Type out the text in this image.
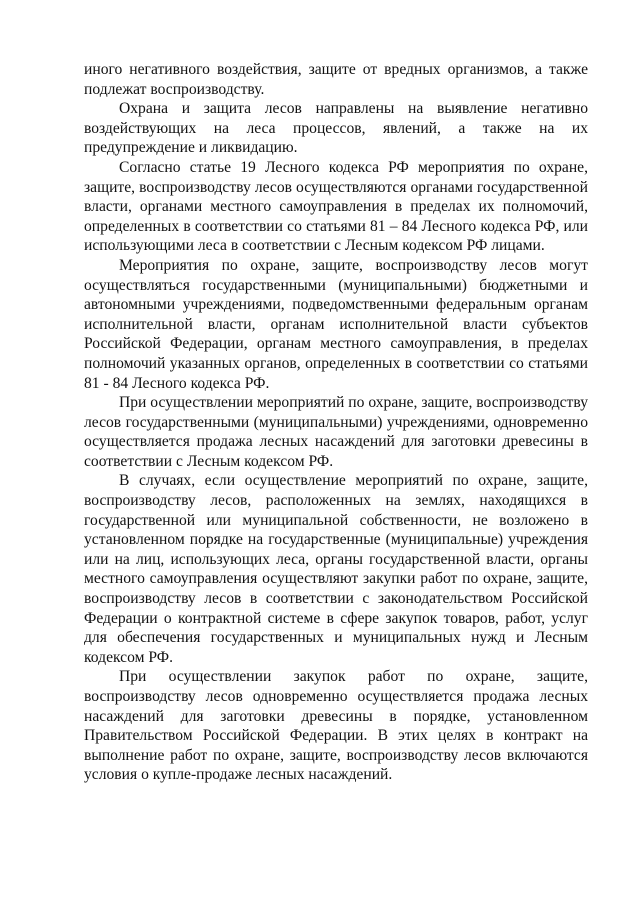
иного негативного воздействия, защите от вредных организмов, а также подлежат воспроизводству.

Охрана и защита лесов направлены на выявление негативно воздействующих на леса процессов, явлений, а также на их предупреждение и ликвидацию.

Согласно статье 19 Лесного кодекса РФ мероприятия по охране, защите, воспроизводству лесов осуществляются органами государственной власти, органами местного самоуправления в пределах их полномочий, определенных в соответствии со статьями 81 – 84 Лесного кодекса РФ, или использующими леса в соответствии с Лесным кодексом РФ лицами.

Мероприятия по охране, защите, воспроизводству лесов могут осуществляться государственными (муниципальными) бюджетными и автономными учреждениями, подведомственными федеральным органам исполнительной власти, органам исполнительной власти субъектов Российской Федерации, органам местного самоуправления, в пределах полномочий указанных органов, определенных в соответствии со статьями 81 - 84 Лесного кодекса РФ.

При осуществлении мероприятий по охране, защите, воспроизводству лесов государственными (муниципальными) учреждениями, одновременно осуществляется продажа лесных насаждений для заготовки древесины в соответствии с Лесным кодексом РФ.

В случаях, если осуществление мероприятий по охране, защите, воспроизводству лесов, расположенных на землях, находящихся в государственной или муниципальной собственности, не возложено в установленном порядке на государственные (муниципальные) учреждения или на лиц, использующих леса, органы государственной власти, органы местного самоуправления осуществляют закупки работ по охране, защите, воспроизводству лесов в соответствии с законодательством Российской Федерации о контрактной системе в сфере закупок товаров, работ, услуг для обеспечения государственных и муниципальных нужд и Лесным кодексом РФ.

При осуществлении закупок работ по охране, защите, воспроизводству лесов одновременно осуществляется продажа лесных насаждений для заготовки древесины в порядке, установленном Правительством Российской Федерации. В этих целях в контракт на выполнение работ по охране, защите, воспроизводству лесов включаются условия о купле-продаже лесных насаждений.
